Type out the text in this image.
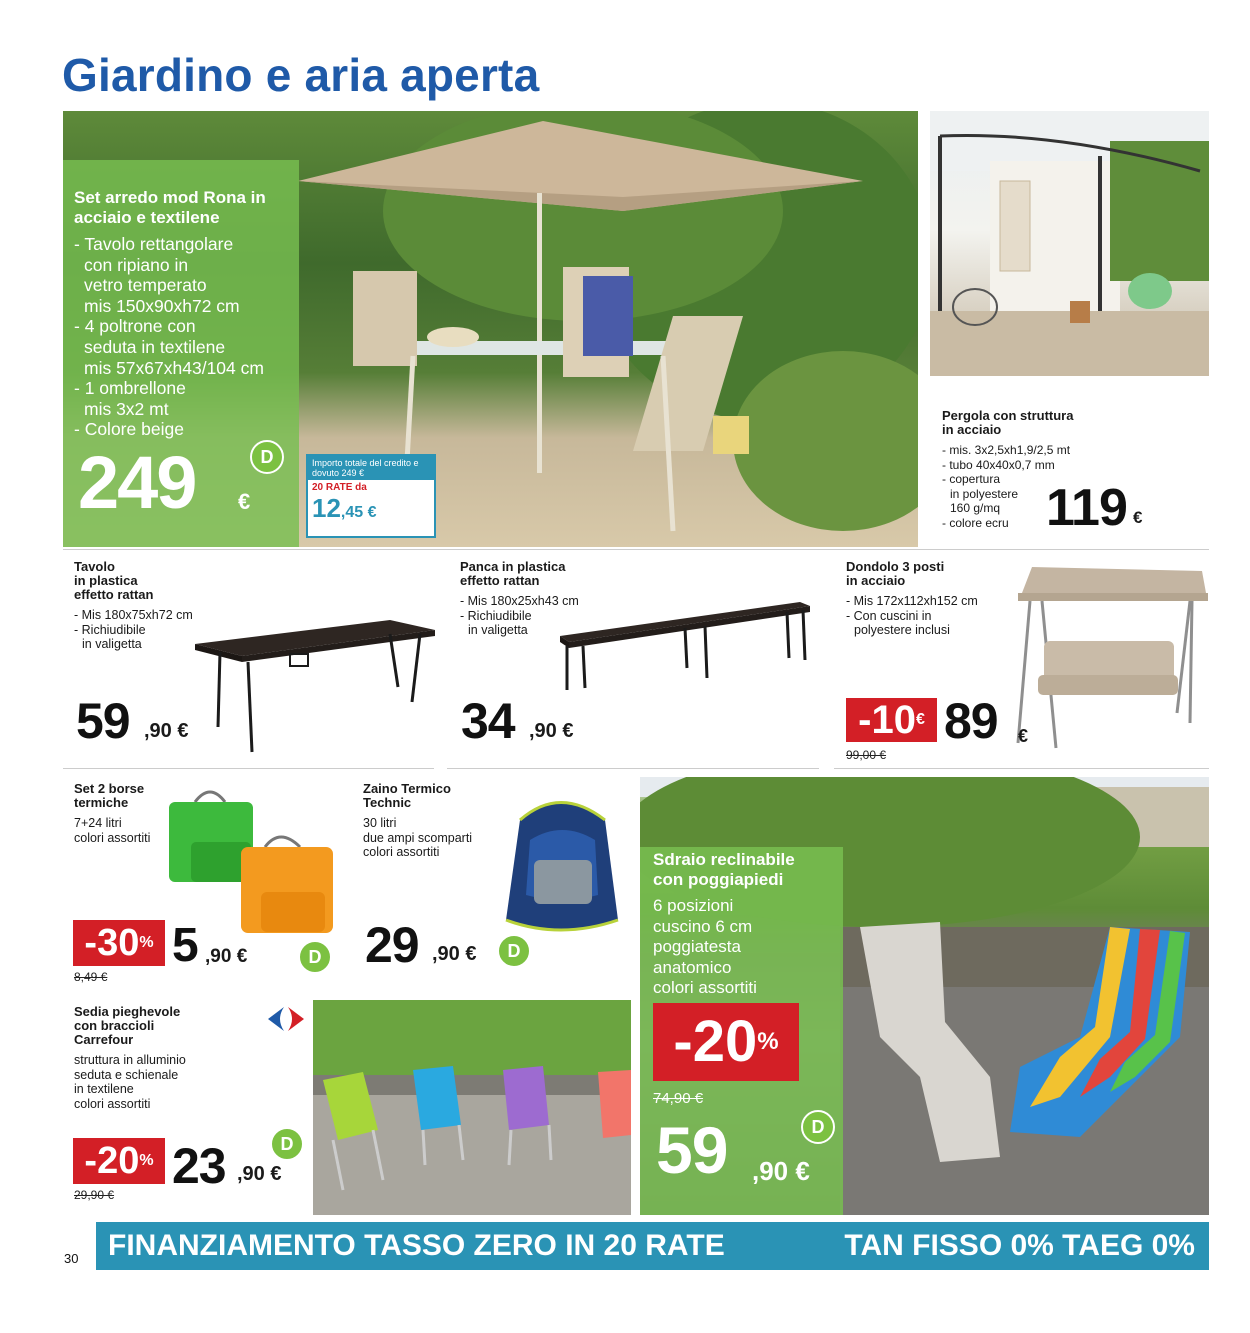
Giardino e aria aperta
Set arredo mod Rona in acciaio e textilene
- Tavolo rettangolare
con ripiano in
vetro temperato
mis 150x90xh72 cm
- 4 poltrone con
seduta in textilene
mis 57x67xh43/104 cm
- 1 ombrellone
mis 3x2 mt
- Colore beige
249 €
D	Importo totale del credito e dovuto 249 €
20 RATE da
12,45 €
Pergola con struttura
in acciaio
- mis. 3x2,5xh1,9/2,5 mt
- tubo 40x40x0,7 mm
- copertura
in polyestere
160 g/mq
- colore ecru 119 €
Tavolo
in plastica
effetto rattan
- Mis 180x75xh72 cm
- Richiudibile
in valigetta
59 ,90 €
Panca in plastica
effetto rattan
- Mis 180x25xh43 cm
- Richiudibile
in valigetta
34 ,90 €
Dondolo 3 posti
in acciaio
- Mis 172x112xh152 cm
- Con cuscini in
polyestere inclusi
-10€ 89 €
99,00 €
Set 2 borse
termiche
7+24 litri
colori assortiti
-30% 5 ,90 €
8,49 €
D
Zaino Termico
Technic
30 litri
due ampi scomparti
colori assortiti
29 ,90 €	D
Sdraio reclinabile
con poggiapiedi
6 posizioni
cuscino 6 cm
poggiatesta
anatomico
colori assortiti
-20%
74,90 €
59 ,90 €
D
Sedia pieghevole
con braccioli
Carrefour
struttura in alluminio
seduta e schienale
in textilene
colori assortiti
-20% 23 ,90 €
29,90 €
D
FINANZIAMENTO TASSO ZERO IN 20 RATE	TAN FISSO 0% TAEG 0%
30
